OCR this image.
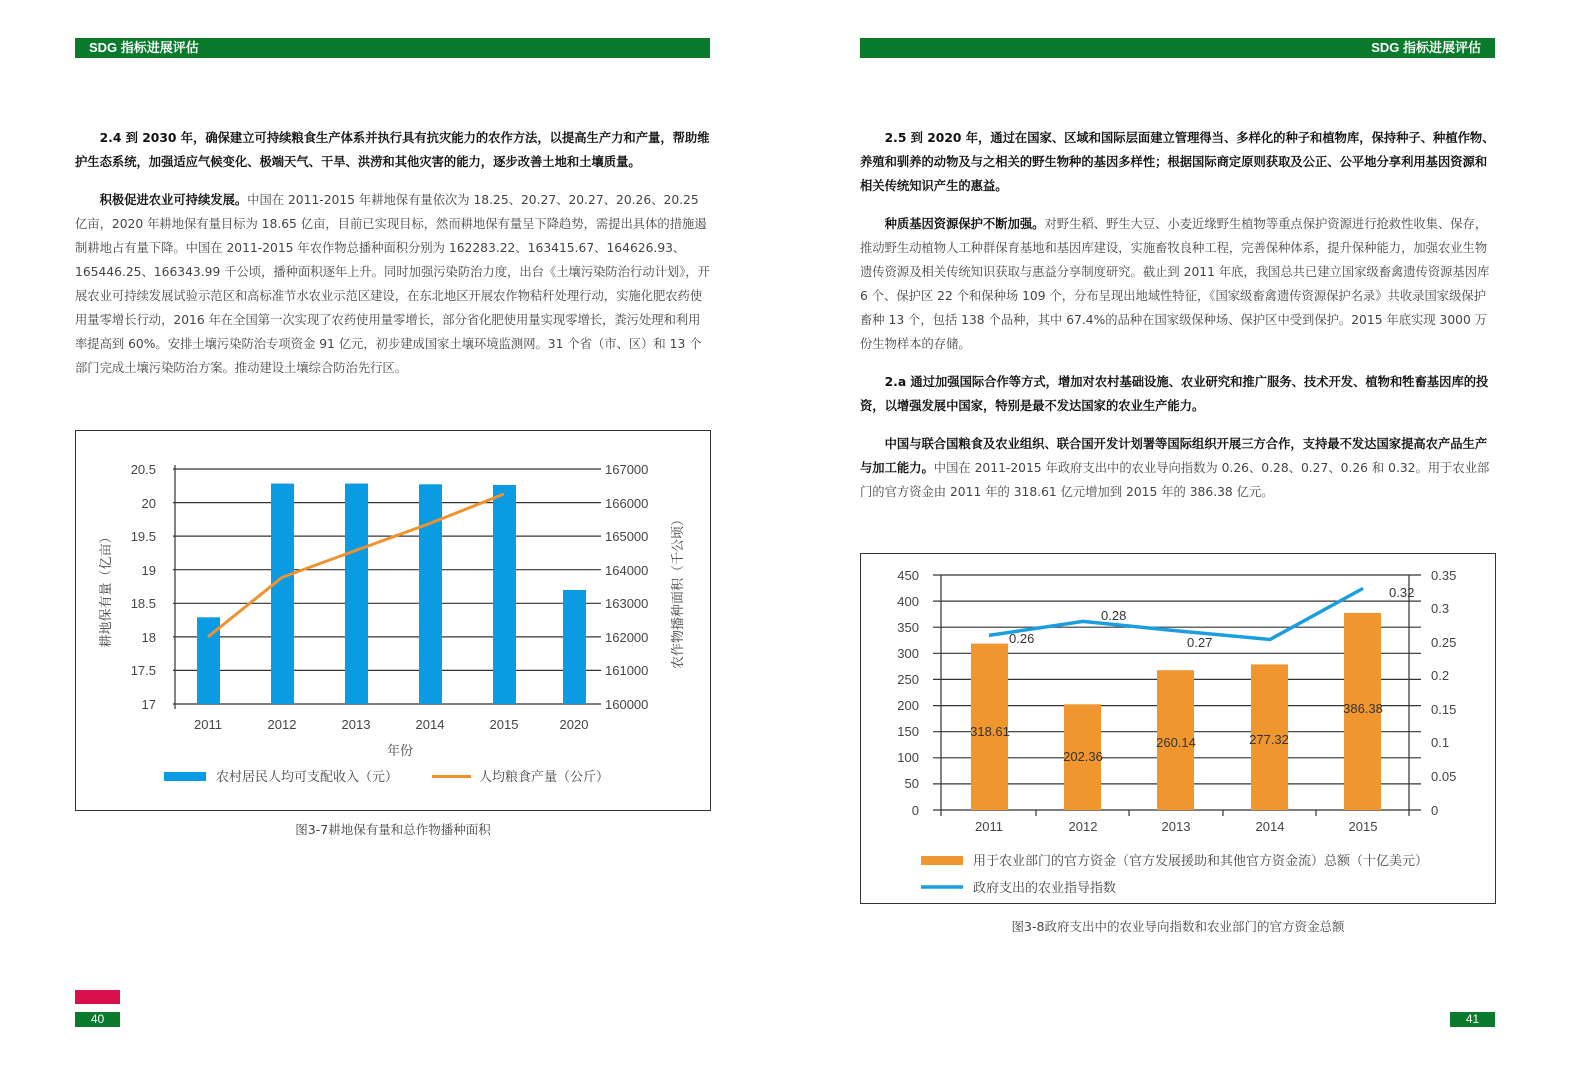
SDG 指标进展评估
2.4 到 2030 年，确保建立可持续粮食生产体系并执行具有抗灾能力的农作方法，以提高生产力和产量，帮助维护生态系统，加强适应气候变化、极端天气、干旱、洪涝和其他灾害的能力，逐步改善土地和土壤质量。
积极促进农业可持续发展。中国在 2011-2015 年耕地保有量依次为 18.25、20.27、20.27、20.26、20.25 亿亩，2020 年耕地保有量目标为 18.65 亿亩，目前已实现目标，然而耕地保有量呈下降趋势，需提出具体的措施遏制耕地占有量下降。中国在 2011-2015 年农作物总播种面积分别为 162283.22、163415.67、164626.93、165446.25、166343.99 千公顷，播种面积逐年上升。同时加强污染防治力度，出台《土壤污染防治行动计划》，开展农业可持续发展试验示范区和高标准节水农业示范区建设，在东北地区开展农作物秸秆处理行动，实施化肥农药使用量零增长行动，2016 年在全国第一次实现了农药使用量零增长，部分省化肥使用量实现零增长，粪污处理和利用率提高到 60%。安排土壤污染防治专项资金 91 亿元，初步建成国家土壤环境监测网。31 个省（市、区）和 13 个部门完成土壤污染防治方案。推动建设土壤综合防治先行区。
20.5
20
19.5
19
18.5
18
17.5
17
167000
166000
165000
164000
163000
162000
161000
160000
2011	2012	2013	2014	2015	2020
年份
耕地保有量（亿亩）	农作物播种面积（千公顷）
农村居民人均可支配收入（元）	人均粮食产量（公斤）
图3-7耕地保有量和总作物播种面积
40
SDG 指标进展评估
2.5 到 2020 年，通过在国家、区域和国际层面建立管理得当、多样化的种子和植物库，保持种子、种植作物、养殖和驯养的动物及与之相关的野生物种的基因多样性；根据国际商定原则获取及公正、公平地分享利用基因资源和相关传统知识产生的惠益。
种质基因资源保护不断加强。对野生稻、野生大豆、小麦近缘野生植物等重点保护资源进行抢救性收集、保存，推动野生动植物人工种群保育基地和基因库建设，实施畜牧良种工程，完善保种体系，提升保种能力，加强农业生物遗传资源及相关传统知识获取与惠益分享制度研究。截止到 2011 年底，我国总共已建立国家级畜禽遗传资源基因库 6 个、保护区 22 个和保种场 109 个，分布呈现出地域性特征，《国家级畜禽遗传资源保护名录》共收录国家级保护畜种 13 个，包括 138 个品种，其中 67.4%的品种在国家级保种场、保护区中受到保护。2015 年底实现 3000 万份生物样本的存储。
2.a 通过加强国际合作等方式，增加对农村基础设施、农业研究和推广服务、技术开发、植物和牲畜基因库的投资，以增强发展中国家，特别是最不发达国家的农业生产能力。
中国与联合国粮食及农业组织、联合国开发计划署等国际组织开展三方合作，支持最不发达国家提高农产品生产与加工能力。中国在 2011-2015 年政府支出中的农业导向指数为 0.26、0.28、0.27、0.26 和 0.32。用于农业部门的官方资金由 2011 年的 318.61 亿元增加到 2015 年的 386.38 亿元。
318.61
202.36
260.14	277.32
386.38
0.26
0.28
0.27
0.32
450
400
350
300
250
200
150
100
50
0
0.35
0.3
0.25
0.2
0.15
0.1
0.05
0
2011	2012	2013	2014	2015
用于农业部门的官方资金（官方发展援助和其他官方资金流）总额（十亿美元）
政府支出的农业指导指数
图3-8政府支出中的农业导向指数和农业部门的官方资金总额
41
